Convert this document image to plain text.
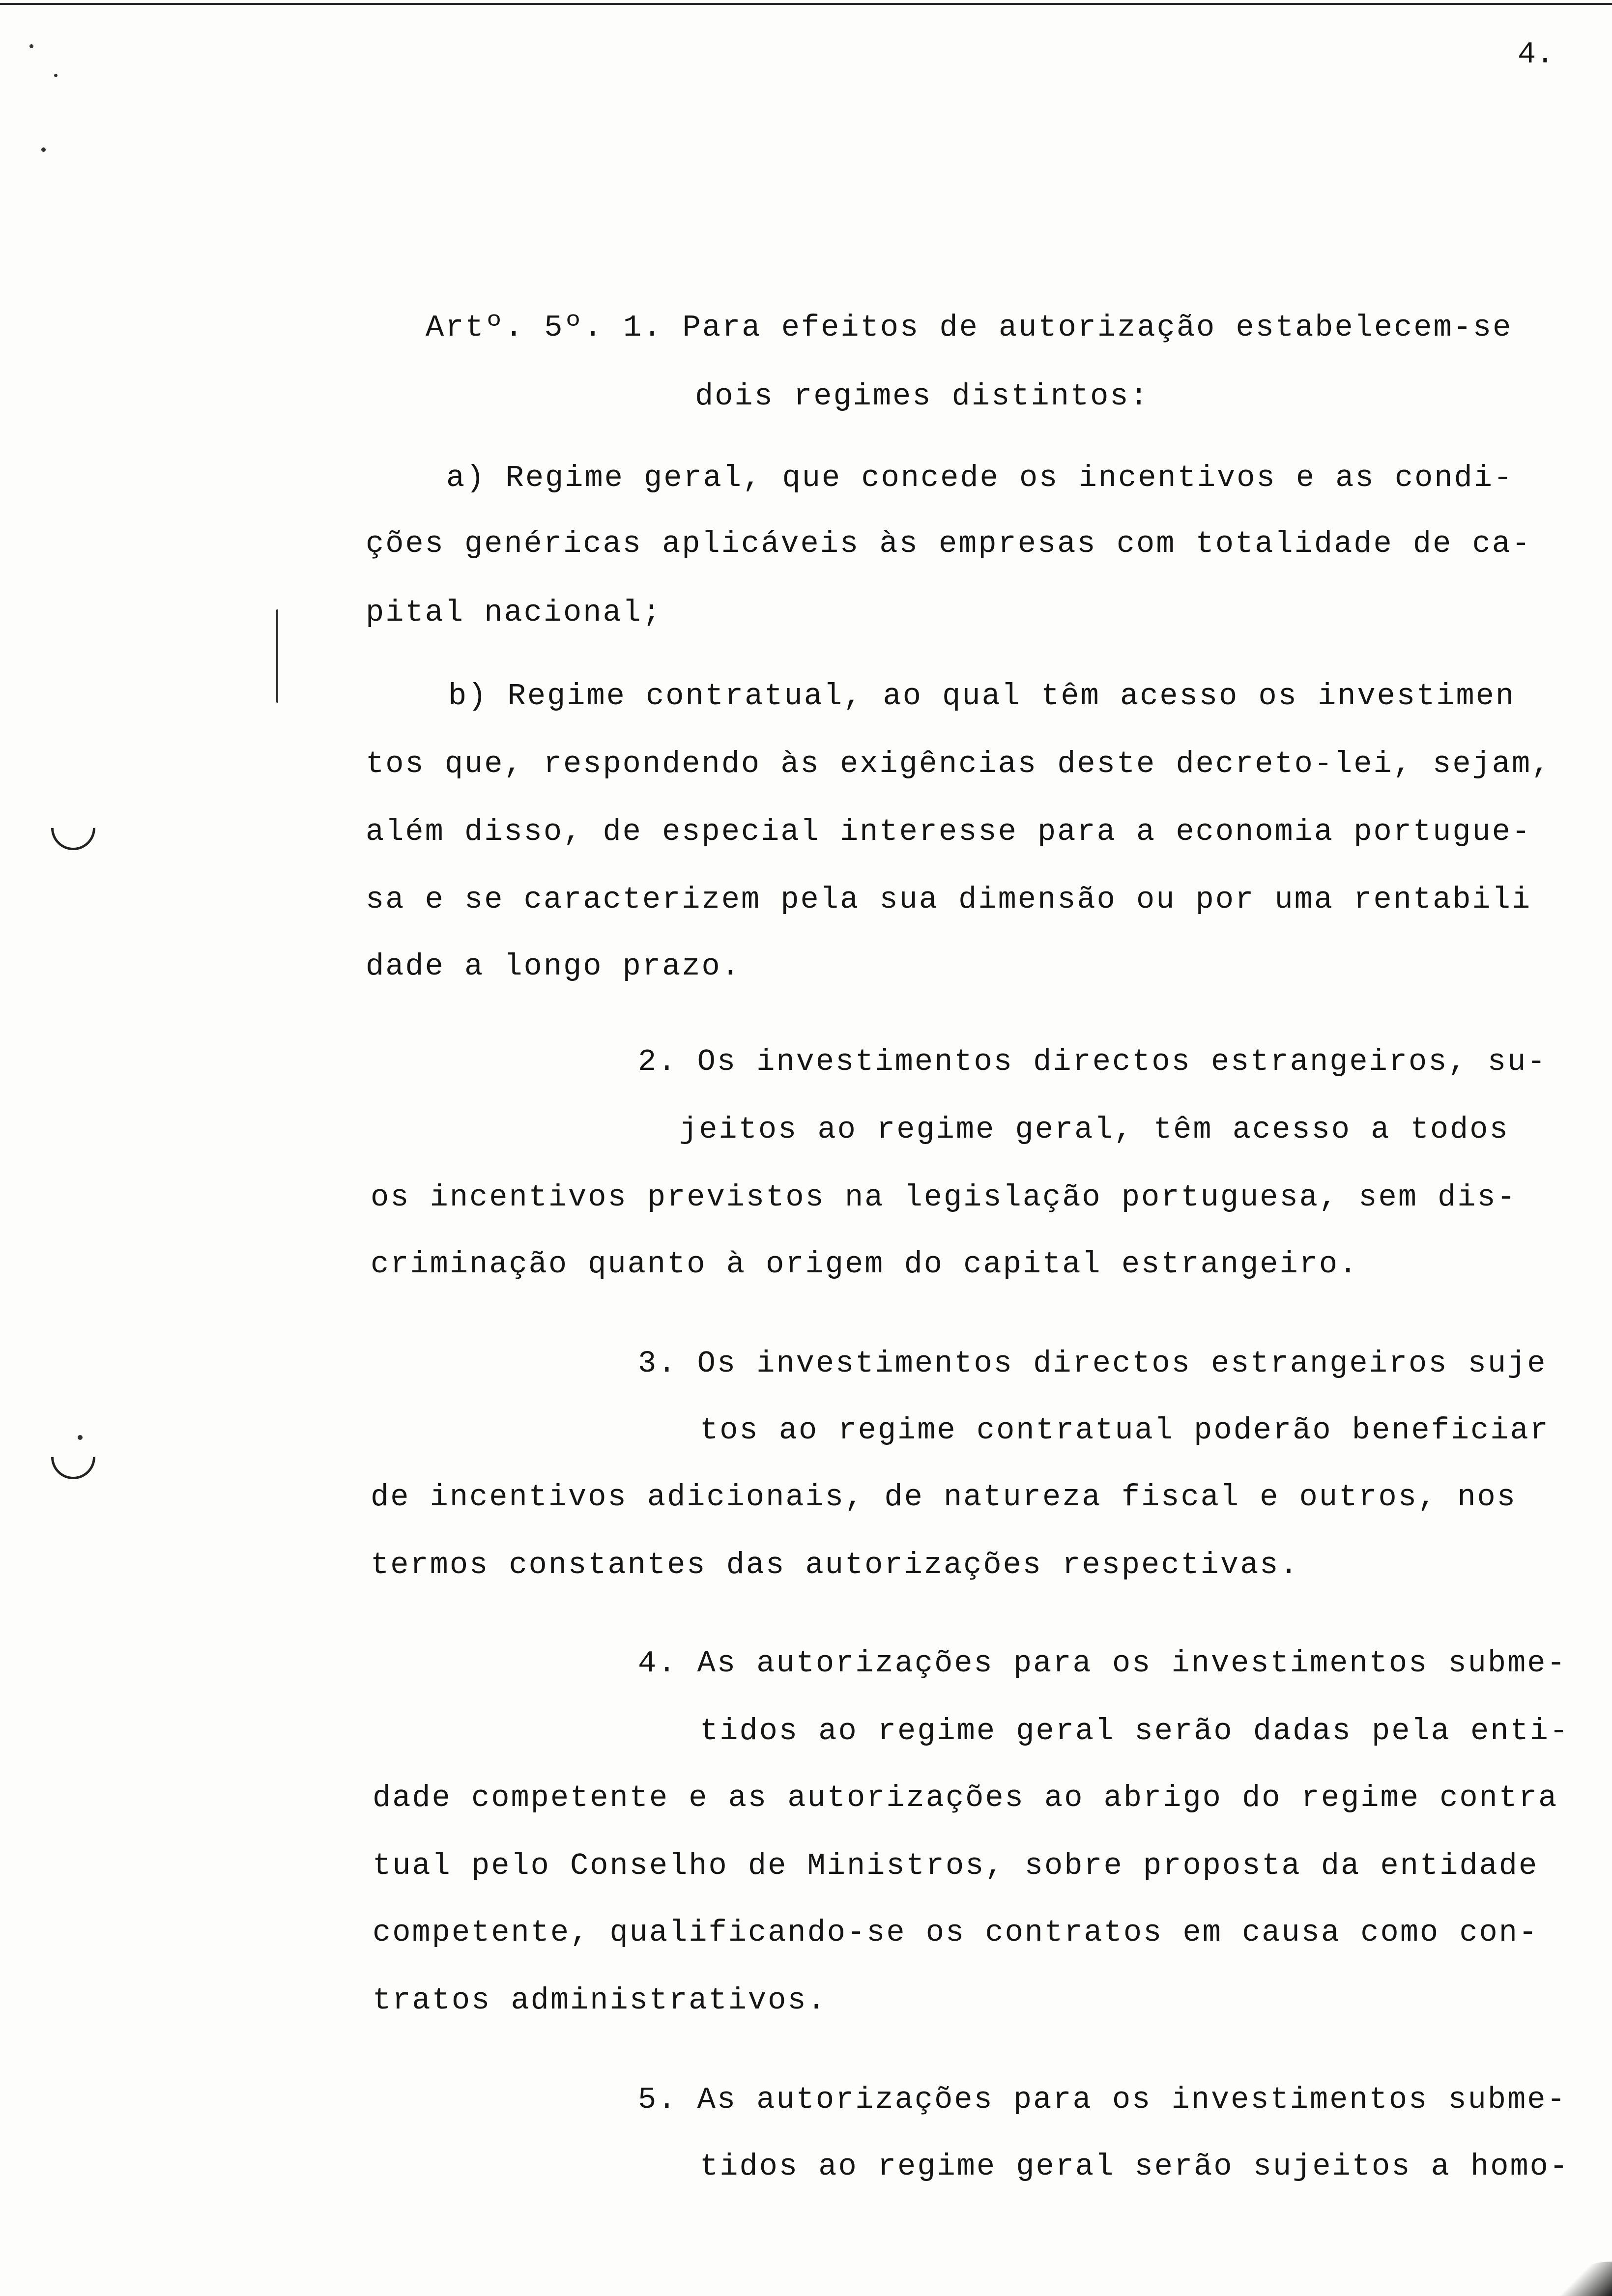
4.
Artº. 5º. 1. Para efeitos de autorização estabelecem-se
dois regimes distintos:
a) Regime geral, que concede os incentivos e as condi-
ções genéricas aplicáveis às empresas com totalidade de ca-
pital nacional;
b) Regime contratual, ao qual têm acesso os investimen
tos que, respondendo às exigências deste decreto-lei, sejam,
além disso, de especial interesse para a economia portugue-
sa e se caracterizem pela sua dimensão ou por uma rentabili
dade a longo prazo.
2. Os investimentos directos estrangeiros, su-
jeitos ao regime geral, têm acesso a todos
os incentivos previstos na legislação portuguesa, sem dis-
criminação quanto à origem do capital estrangeiro.
3. Os investimentos directos estrangeiros suje
tos ao regime contratual poderão beneficiar
de incentivos adicionais, de natureza fiscal e outros, nos
termos constantes das autorizações respectivas.
4. As autorizações para os investimentos subme-
tidos ao regime geral serão dadas pela enti-
dade competente e as autorizações ao abrigo do regime contra
tual pelo Conselho de Ministros, sobre proposta da entidade
competente, qualificando-se os contratos em causa como con-
tratos administrativos.
5. As autorizações para os investimentos subme-
tidos ao regime geral serão sujeitos a homo-
